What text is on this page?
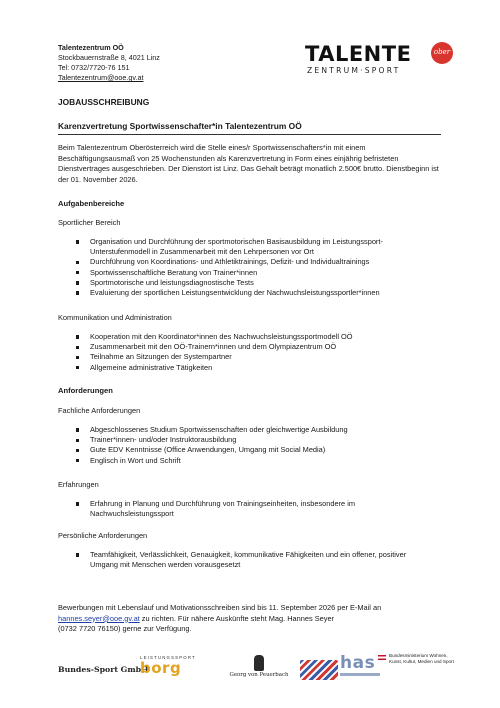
Talentezentrum OÖ
Stockbauernstraße 8, 4021 Linz
Tel: 0732/7720-76 151
Talentezentrum@ooe.gv.at
TALENTE	ober
ZENTRUM·SPORT
JOBAUSSCHREIBUNG
Karenzvertretung Sportwissenschafter*in Talentezentrum OÖ
Beim Talentezentrum Oberösterreich wird die Stelle eines/r Sportwissenschafters*in mit einem Beschäftigungsausmaß von 25 Wochenstunden als Karenzvertretung in Form eines einjährig befristeten Dienstvertrages ausgeschrieben. Der Dienstort ist Linz. Das Gehalt beträgt monatlich 2.500€ brutto. Dienstbeginn ist der 01. November 2026.
Aufgabenbereiche
Sportlicher Bereich
Organisation und Durchführung der sportmotorischen Basisausbildung im Leistungssport-Unterstufenmodell in Zusammenarbeit mit den Lehrpersonen vor Ort
Durchführung von Koordinations- und Athletiktrainings, Defizit- und Individualtrainings
Sportwissenschaftliche Beratung von Trainer*innen
Sportmotorische und leistungsdiagnostische Tests
Evaluierung der sportlichen Leistungsentwicklung der Nachwuchsleistungssportler*innen
Kommunikation und Administration
Kooperation mit den Koordinator*innen des Nachwuchsleistungssportmodell OÖ
Zusammenarbeit mit den OÖ-Trainern*innen und dem Olympiazentrum OÖ
Teilnahme an Sitzungen der Systempartner
Allgemeine administrative Tätigkeiten
Anforderungen
Fachliche Anforderungen
Abgeschlossenes Studium Sportwissenschaften oder gleichwertige Ausbildung
Trainer*innen- und/oder Instruktorausbildung
Gute EDV Kenntnisse (Office Anwendungen, Umgang mit Social Media)
Englisch in Wort und Schrift
Erfahrungen
Erfahrung in Planung und Durchführung von Trainingseinheiten, insbesondere im Nachwuchsleistungssport
Persönliche Anforderungen
Teamfähigkeit, Verlässlichkeit, Genauigkeit, kommunikative Fähigkeiten und ein offener, positiver Umgang mit Menschen werden vorausgesetzt
Bewerbungen mit Lebenslauf und Motivationsschreiben sind bis 11. September 2026 per E-Mail an
hannes.seyer@ooe.gv.at zu richten. Für nähere Auskünfte steht Mag. Hannes Seyer
(0732 7720 76150) gerne zur Verfügung.
Bundes-Sport GmbH
LEISTUNGSSPORT
borg	Georg von Peuerbach
has	Bundesministerium Wohnen, Kunst, Kultur, Medien und Sport
